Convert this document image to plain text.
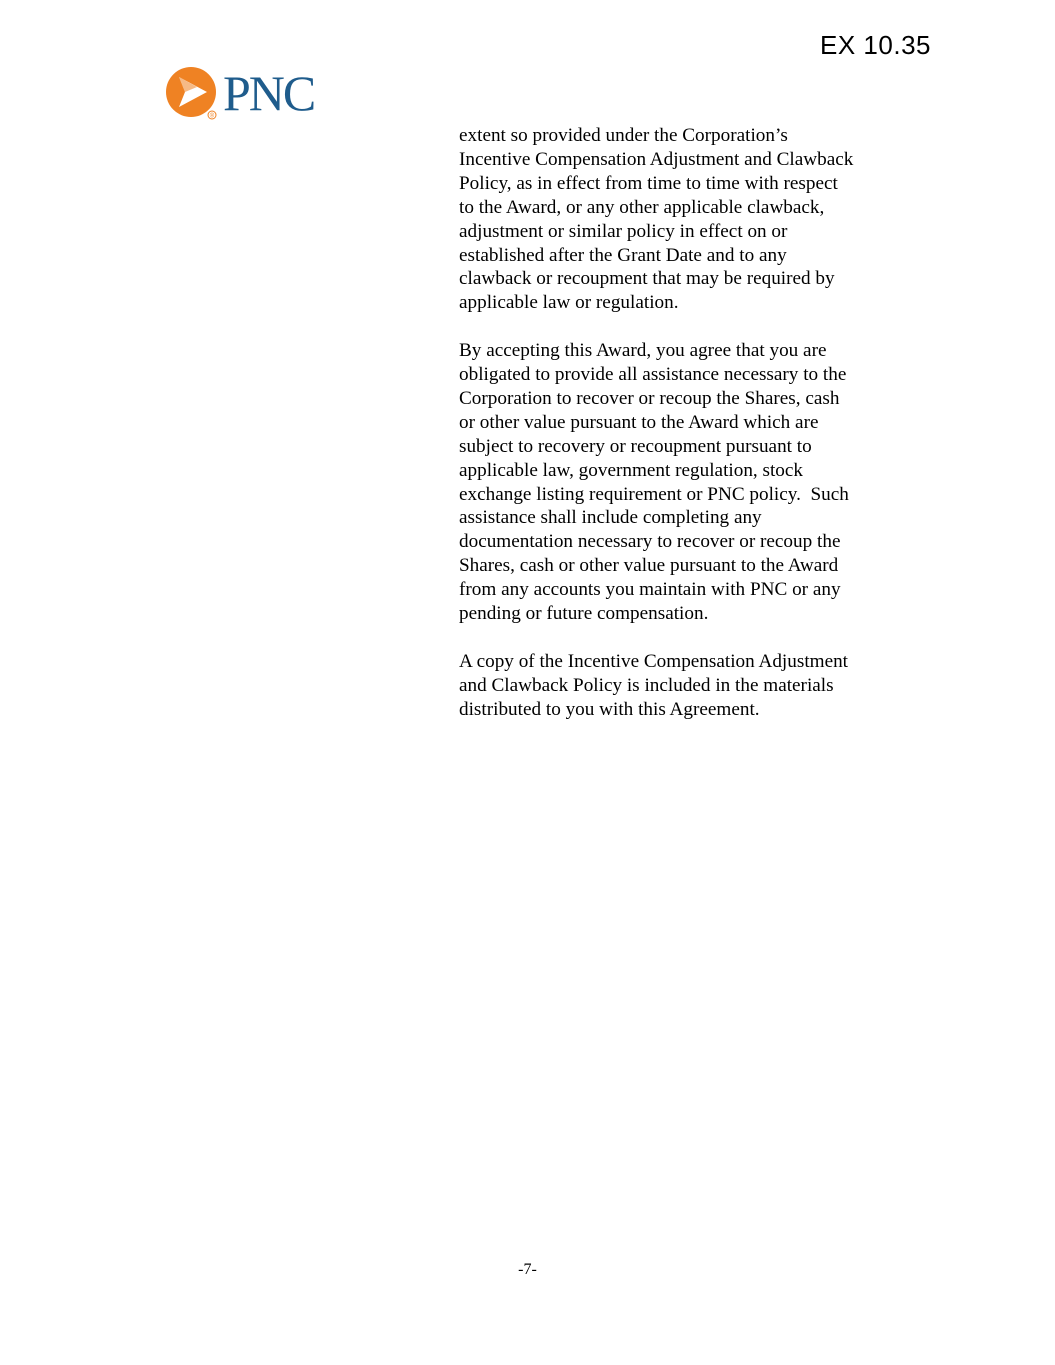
EX 10.35
® PNC

extent so provided under the Corporation’s
Incentive Compensation Adjustment and Clawback
Policy, as in effect from time to time with respect
to the Award, or any other applicable clawback,
adjustment or similar policy in effect on or
established after the Grant Date and to any
clawback or recoupment that may be required by
applicable law or regulation.

By accepting this Award, you agree that you are
obligated to provide all assistance necessary to the
Corporation to recover or recoup the Shares, cash
or other value pursuant to the Award which are
subject to recovery or recoupment pursuant to
applicable law, government regulation, stock
exchange listing requirement or PNC policy.  Such
assistance shall include completing any
documentation necessary to recover or recoup the
Shares, cash or other value pursuant to the Award
from any accounts you maintain with PNC or any
pending or future compensation.

A copy of the Incentive Compensation Adjustment
and Clawback Policy is included in the materials
distributed to you with this Agreement.

-7-
